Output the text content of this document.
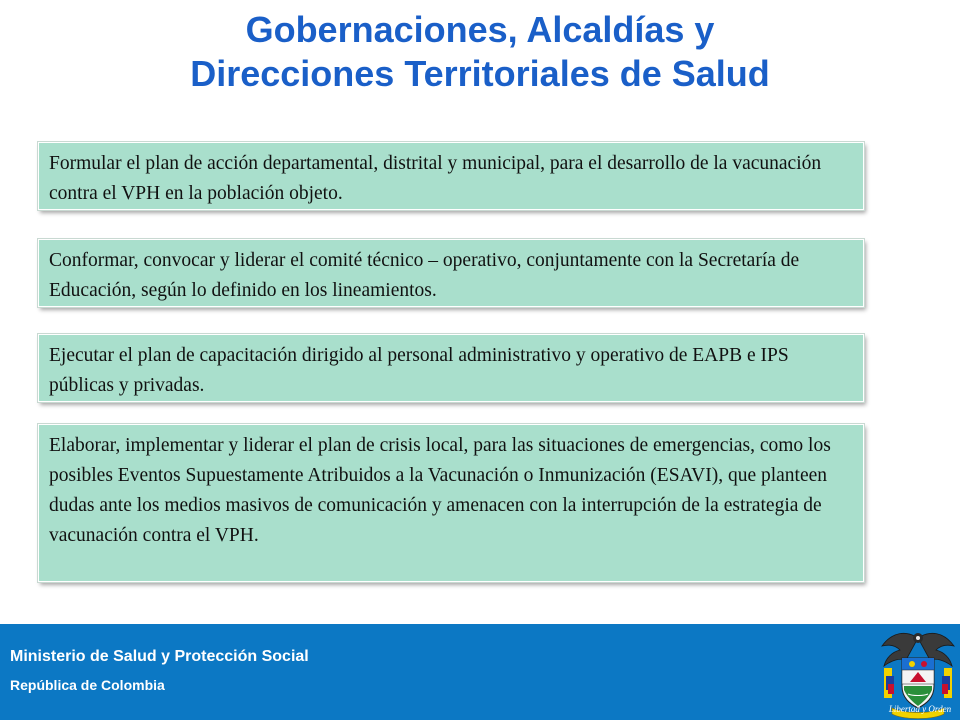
Gobernaciones, Alcaldías y
Direcciones Territoriales de Salud
Formular el plan de acción departamental, distrital y municipal, para el desarrollo de la vacunación contra el VPH en la población objeto.
Conformar, convocar y liderar el comité técnico – operativo, conjuntamente con la Secretaría de Educación, según lo definido en los lineamientos.
Ejecutar el plan de capacitación dirigido al personal administrativo y operativo de EAPB e IPS públicas y privadas.
Elaborar, implementar y liderar el plan de crisis local, para las situaciones de emergencias, como los posibles Eventos Supuestamente Atribuidos a la Vacunación o Inmunización (ESAVI), que planteen dudas ante los medios masivos de comunicación y amenacen con la interrupción de la estrategia de vacunación contra el VPH.
Ministerio de Salud y Protección Social
República de Colombia
Libertad y Orden
